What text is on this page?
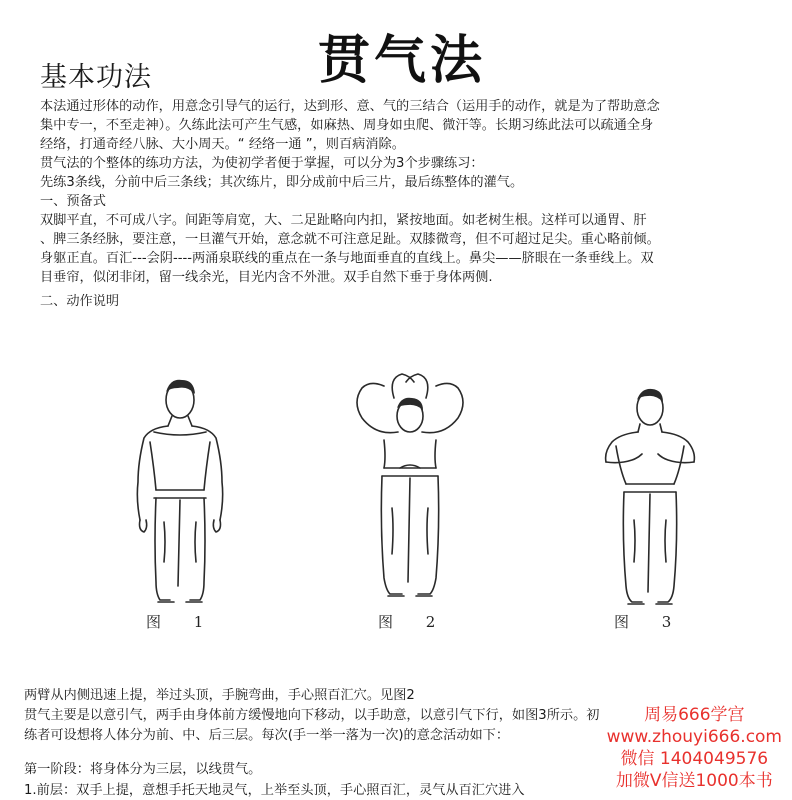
贯气法
基本功法
本法通过形体的动作，用意念引导气的运行，达到形、意、气的三结合（运用手的动作，就是为了帮助意念
集中专一，不至走神）。久练此法可产生气感，如麻热、周身如虫爬、微汗等。长期习练此法可以疏通全身
经络，打通奇经八脉、大小周天。“ 经络一通 ”，则百病消除。
贯气法的个整体的练功方法，为使初学者便于掌握，可以分为3个步骤练习：
先练3条线，分前中后三条线；其次练片，即分成前中后三片，最后练整体的灌气。
一、预备式
双脚平直，不可成八字。间距等肩宽，大、二足趾略向内扣，紧按地面。如老树生根。这样可以通胃、肝
、脾三条经脉，要注意，一旦灌气开始，意念就不可注意足趾。双膝微弯，但不可超过足尖。重心略前倾。
身躯正直。百汇---会阴----两涌泉联线的重点在一条与地面垂直的直线上。鼻尖——脐眼在一条垂线上。双
目垂帘，似闭非闭，留一线余光，目光内含不外泄。双手自然下垂于身体两侧.
二、动作说明
图 1	图 2	图 3
两臂从内侧迅速上提，举过头顶，手腕弯曲，手心照百汇穴。见图2
贯气主要是以意引气，两手由身体前方缓慢地向下移动，以手助意，以意引气下行，如图3所示。初
练者可设想将人体分为前、中、后三层。每次(手一举一落为一次)的意念活动如下：
第一阶段：将身体分为三层，以线贯气。
1.前层：双手上提，意想手托天地灵气，上举至头顶，手心照百汇，灵气从百汇穴进入
周易666学宫
www.zhouyi666.com
微信 1404049576
加微V信送1000本书
